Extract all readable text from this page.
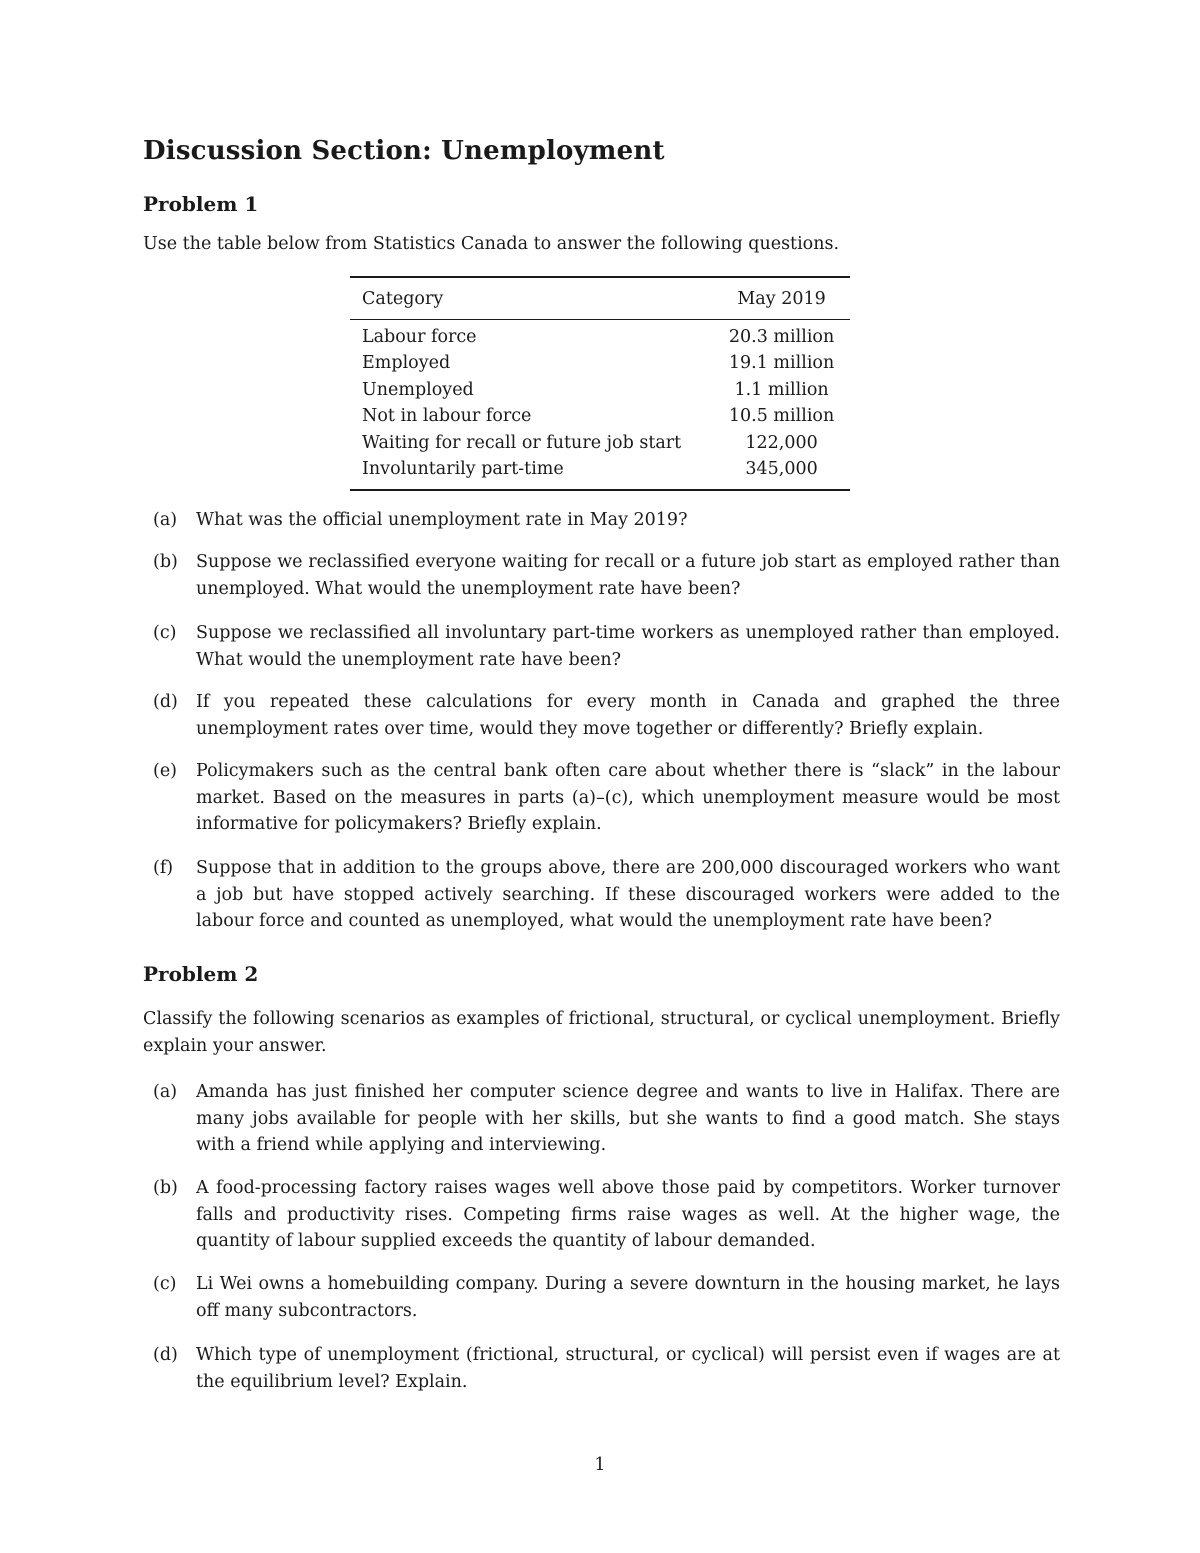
Discussion Section: Unemployment
Problem 1

Use the table below from Statistics Canada to answer the following questions.

Category	May 2019
Labour force	20.3 million
Employed	19.1 million
Unemployed	1.1 million
Not in labour force	10.5 million
Waiting for recall or future job start	122,000
Involuntarily part-time	345,000
(a) What was the official unemployment rate in May 2019?

(b) Suppose we reclassified everyone waiting for recall or a future job start as employed rather than unemployed. What would the unemployment rate have been?

(c) Suppose we reclassified all involuntary part-time workers as unemployed rather than employed. What would the unemployment rate have been?

(d) If you repeated these calculations for every month in Canada and graphed the three unemployment rates over time, would they move together or differently? Briefly explain.

(e) Policymakers such as the central bank often care about whether there is “slack” in the labour market. Based on the measures in parts (a)–(c), which unemployment measure would be most informative for policymakers? Briefly explain.

(f) Suppose that in addition to the groups above, there are 200,000 discouraged workers who want a job but have stopped actively searching. If these discouraged workers were added to the labour force and counted as unemployed, what would the unemployment rate have been?

Problem 2

Classify the following scenarios as examples of frictional, structural, or cyclical unemployment. Briefly explain your answer.

(a) Amanda has just finished her computer science degree and wants to live in Halifax. There are many jobs available for people with her skills, but she wants to find a good match. She stays with a friend while applying and interviewing.

(b) A food-processing factory raises wages well above those paid by competitors. Worker turnover falls and productivity rises. Competing firms raise wages as well. At the higher wage, the quantity of labour supplied exceeds the quantity of labour demanded.

(c) Li Wei owns a homebuilding company. During a severe downturn in the housing market, he lays off many subcontractors.

(d) Which type of unemployment (frictional, structural, or cyclical) will persist even if wages are at the equilibrium level? Explain.

1
